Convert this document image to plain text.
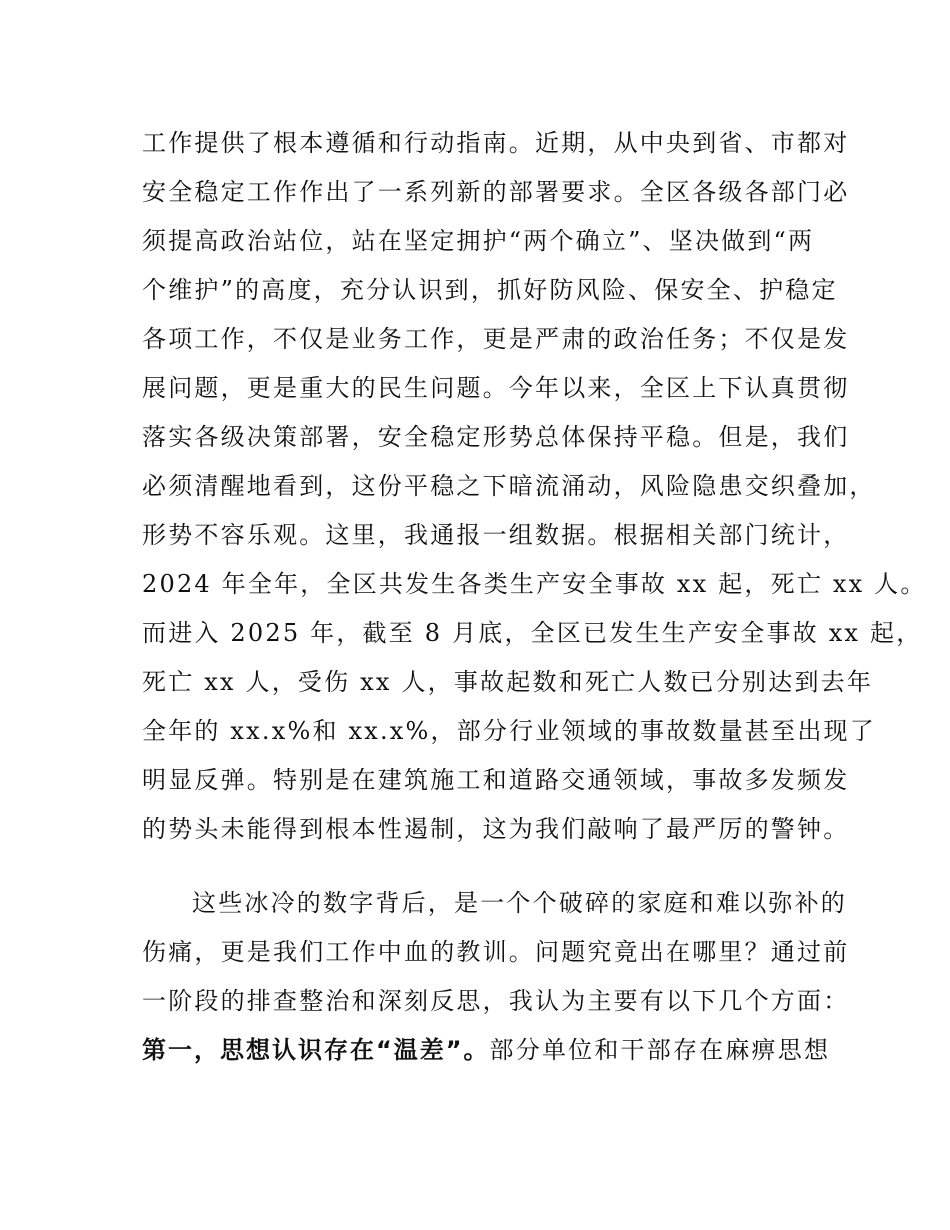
工作提供了根本遵循和行动指南。近期，从中央到省、市都对
安全稳定工作作出了一系列新的部署要求。全区各级各部门必
须提高政治站位，站在坚定拥护“两个确立”、坚决做到“两
个维护”的高度，充分认识到，抓好防风险、保安全、护稳定
各项工作，不仅是业务工作，更是严肃的政治任务；不仅是发
展问题，更是重大的民生问题。今年以来，全区上下认真贯彻
落实各级决策部署，安全稳定形势总体保持平稳。但是，我们
必须清醒地看到，这份平稳之下暗流涌动，风险隐患交织叠加，
形势不容乐观。这里，我通报一组数据。根据相关部门统计，
2024 年全年，全区共发生各类生产安全事故 xx 起，死亡 xx 人。
而进入 2025 年，截至 8 月底，全区已发生生产安全事故 xx 起，
死亡 xx 人，受伤 xx 人，事故起数和死亡人数已分别达到去年
全年的 xx.x%和 xx.x%，部分行业领域的事故数量甚至出现了
明显反弹。特别是在建筑施工和道路交通领域，事故多发频发
的势头未能得到根本性遏制，这为我们敲响了最严厉的警钟。
这些冰冷的数字背后，是一个个破碎的家庭和难以弥补的
伤痛，更是我们工作中血的教训。问题究竟出在哪里？通过前
一阶段的排查整治和深刻反思，我认为主要有以下几个方面：
第一，思想认识存在“温差”。部分单位和干部存在麻痹思想
